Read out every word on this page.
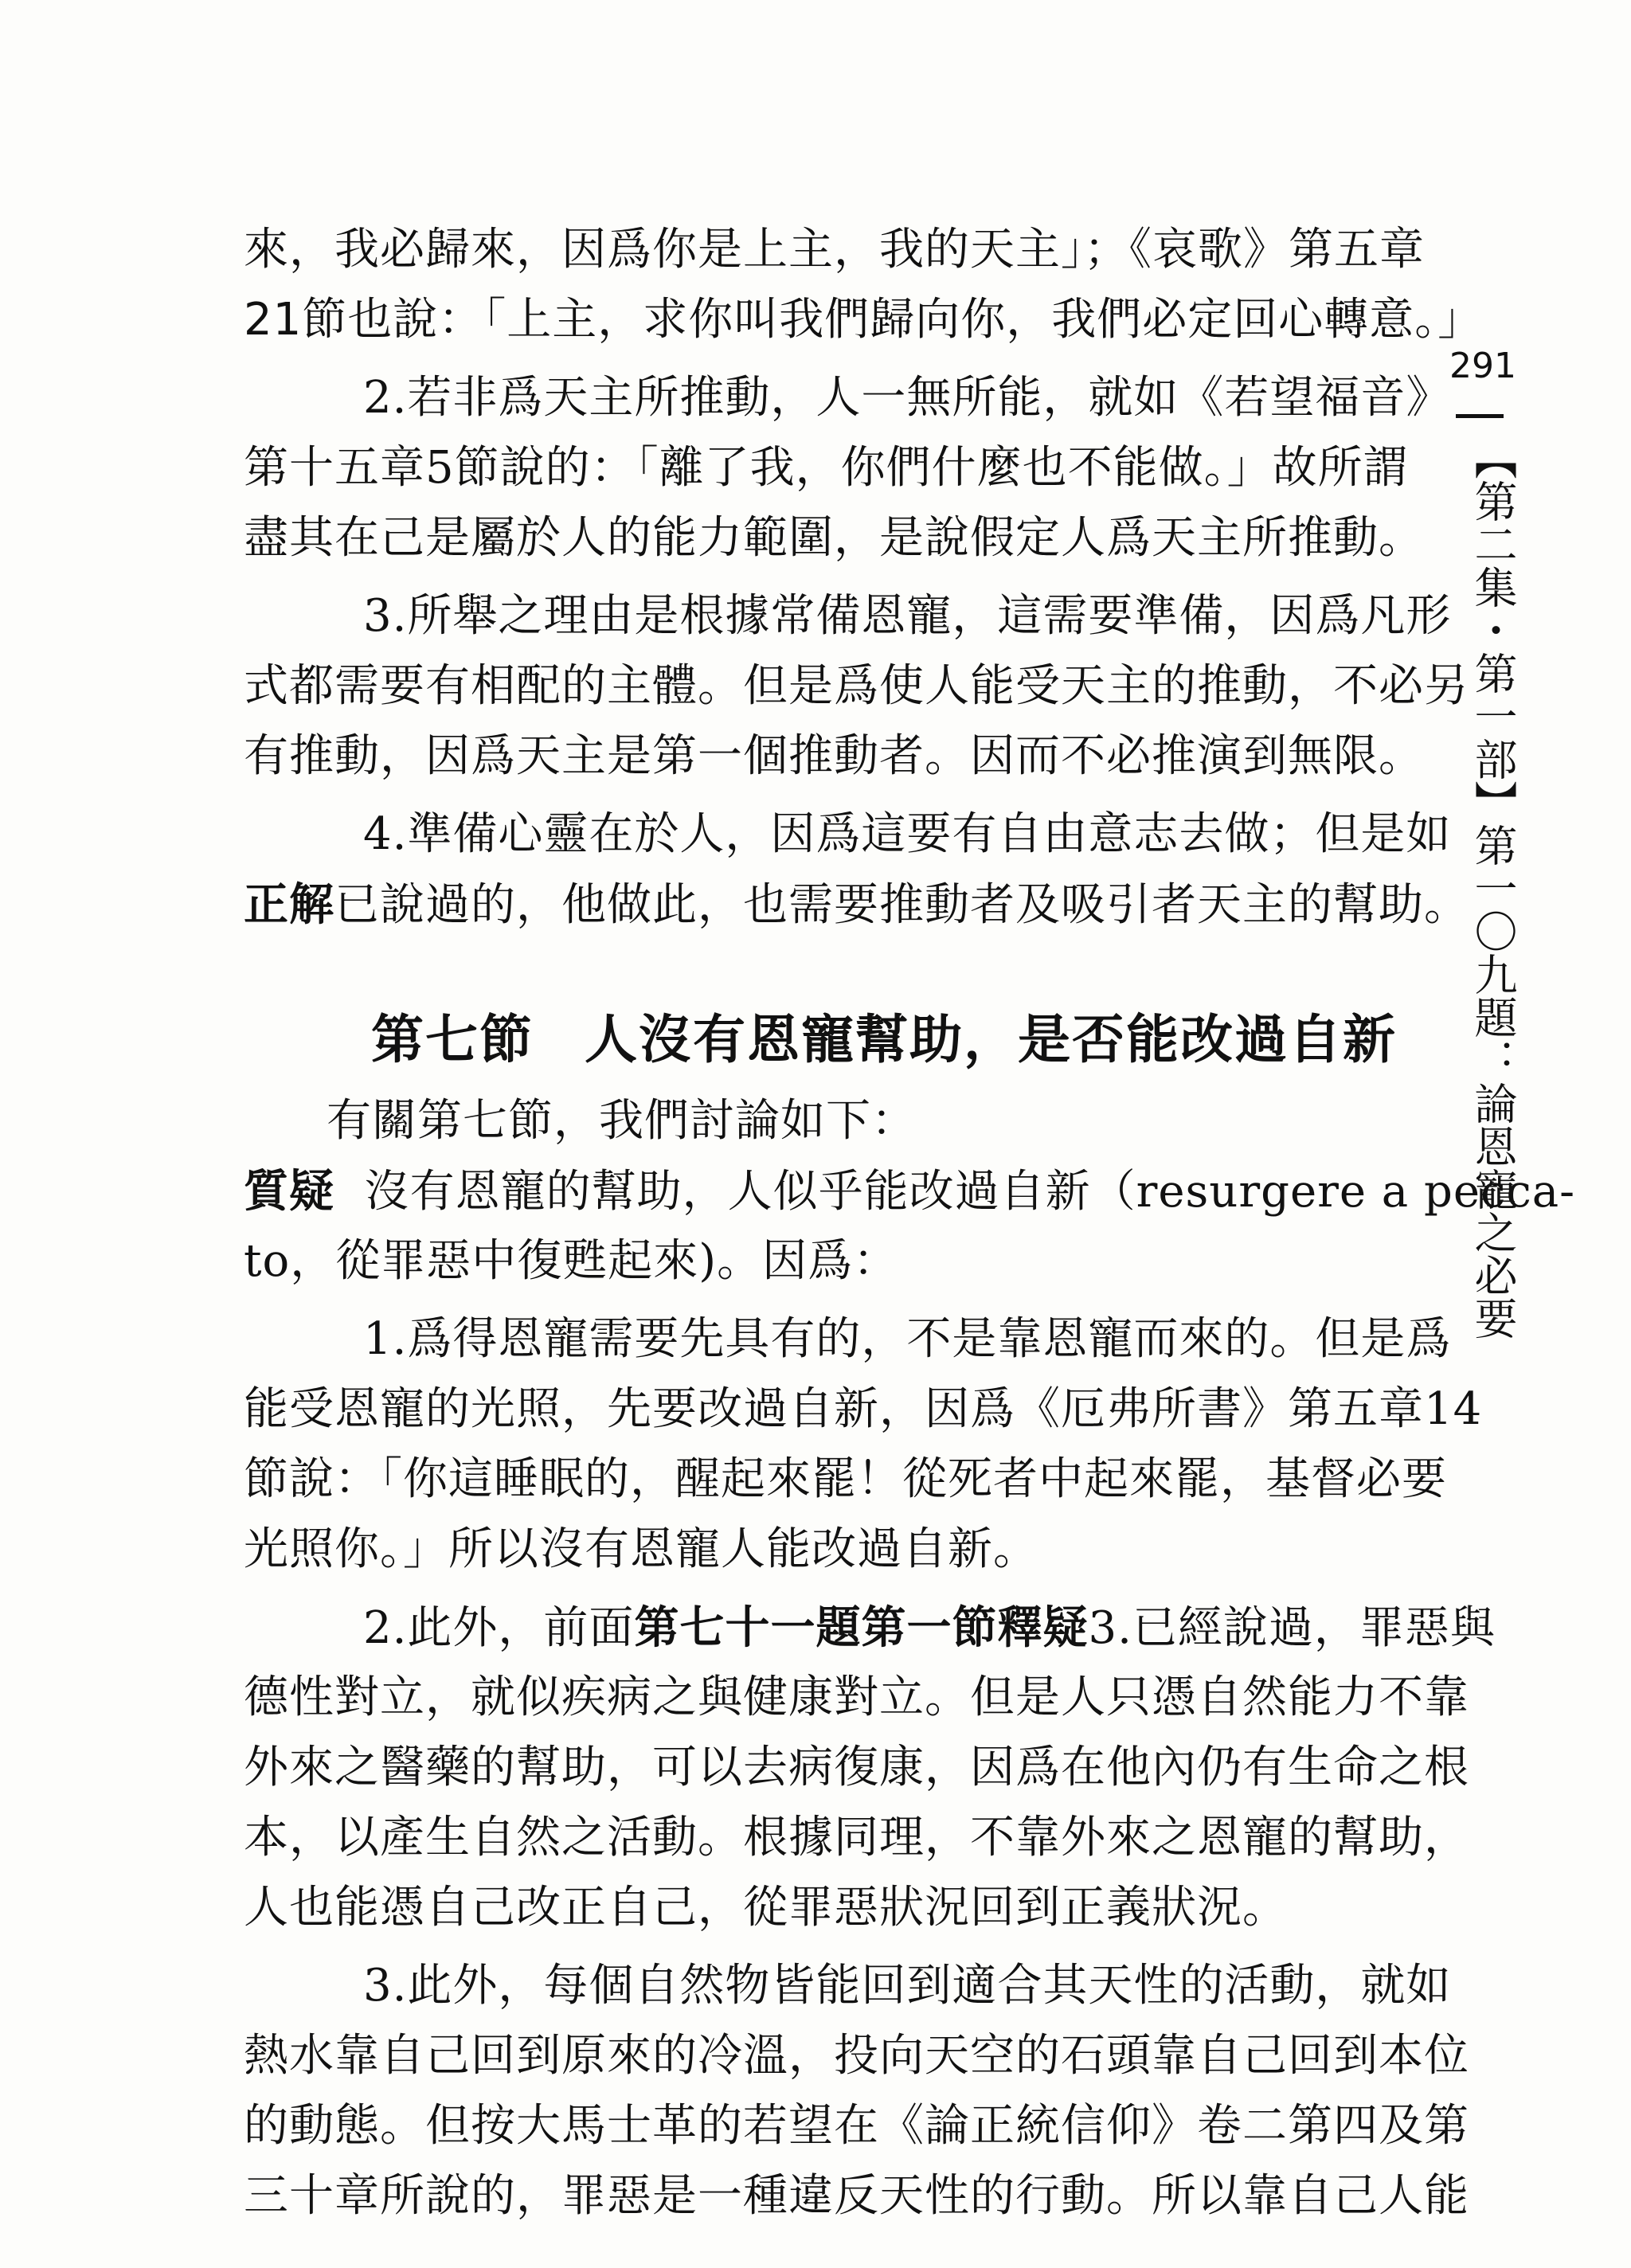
291
【第二集・第一部】第一〇九題：論恩寵之必要
來，我必歸來，因爲你是上主，我的天主」；《哀歌》第五章
21節也說：「上主，求你叫我們歸向你，我們必定回心轉意。」
2.若非爲天主所推動，人一無所能，就如《若望福音》
第十五章5節說的：「離了我，你們什麼也不能做。」故所謂
盡其在己是屬於人的能力範圍，是說假定人爲天主所推動。
3.所舉之理由是根據常備恩寵，這需要準備，因爲凡形
式都需要有相配的主體。但是爲使人能受天主的推動，不必另
有推動，因爲天主是第一個推動者。因而不必推演到無限。
4.準備心靈在於人，因爲這要有自由意志去做；但是如
正解已說過的，他做此，也需要推動者及吸引者天主的幫助。
第七節 人沒有恩寵幫助，是否能改過自新
有關第七節，我們討論如下：
質疑 沒有恩寵的幫助，人似乎能改過自新（resurgere a pecca-
to，從罪惡中復甦起來)。因爲：
1.爲得恩寵需要先具有的，不是靠恩寵而來的。但是爲
能受恩寵的光照，先要改過自新，因爲《厄弗所書》第五章14
節說：「你這睡眠的，醒起來罷！從死者中起來罷，基督必要
光照你。」所以沒有恩寵人能改過自新。
2.此外，前面第七十一題第一節釋疑3.已經說過，罪惡與
德性對立，就似疾病之與健康對立。但是人只憑自然能力不靠
外來之醫藥的幫助，可以去病復康，因爲在他內仍有生命之根
本，以產生自然之活動。根據同理，不靠外來之恩寵的幫助，
人也能憑自己改正自己，從罪惡狀況回到正義狀況。
3.此外，每個自然物皆能回到適合其天性的活動，就如
熱水靠自己回到原來的冷溫，投向天空的石頭靠自己回到本位
的動態。但按大馬士革的若望在《論正統信仰》卷二第四及第
三十章所說的，罪惡是一種違反天性的行動。所以靠自己人能
